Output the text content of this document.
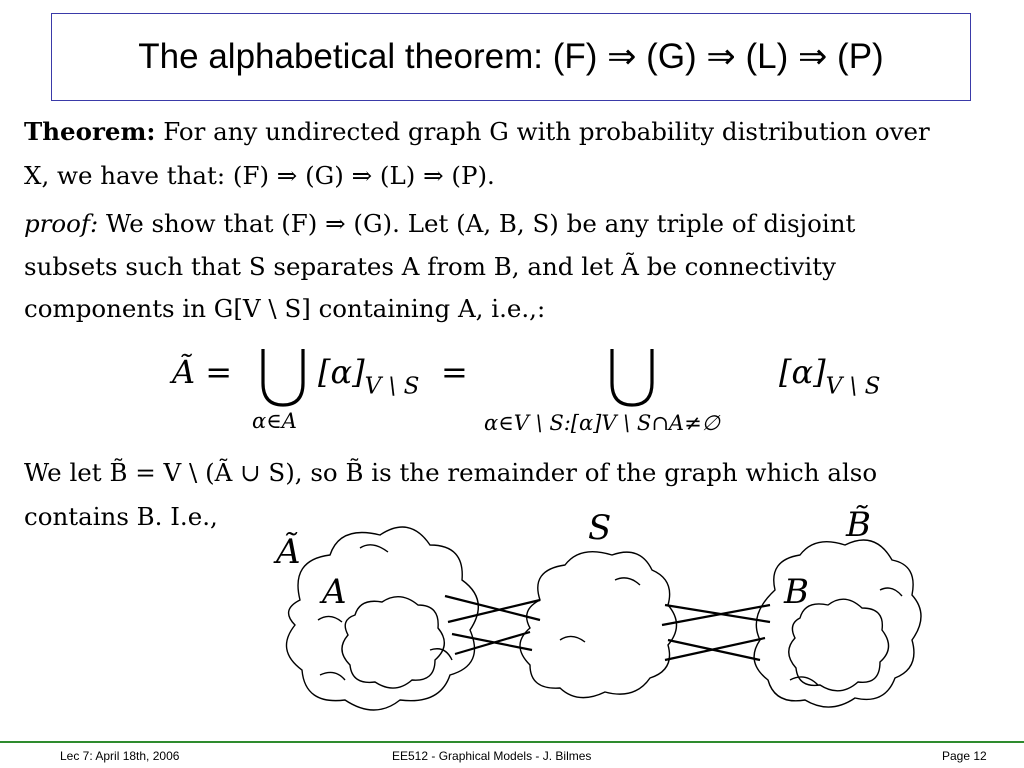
The alphabetical theorem: (F) ⇒ (G) ⇒ (L) ⇒ (P)
Theorem: For any undirected graph G with probability distribution over
X, we have that: (F) ⇒ (G) ⇒ (L) ⇒ (P).
proof: We show that (F) ⇒ (G). Let (A, B, S) be any triple of disjoint
subsets such that S separates A from B, and let Ã be connectivity
components in G[V \ S] containing A, i.e.,:
Ã =	$[\alpha]_{V \backslash S}$ =	$[\alpha]_{V \backslash S}$
α∈A	α∈V \ S:[α]V \ S∩A≠∅
We let B̃ = V \ (Ã ∪ S), so B̃ is the remainder of the graph which also
contains B. I.e.,
Ã
A
S	B̃
B
Lec 7: April 18th, 2006	EE512 - Graphical Models - J. Bilmes	Page 12
